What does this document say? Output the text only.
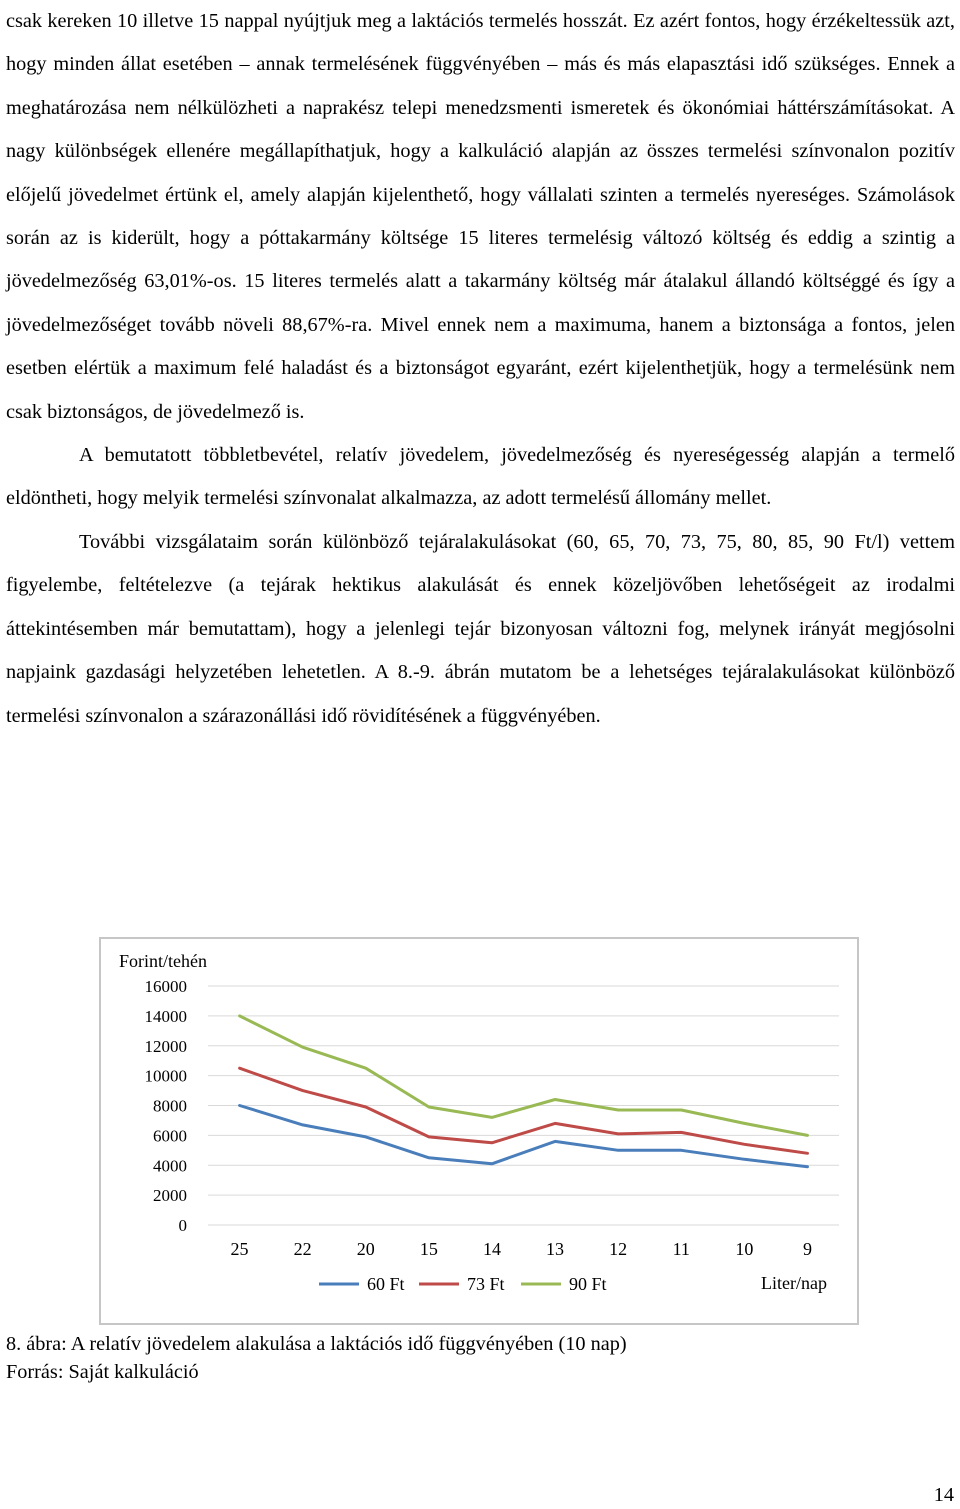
csak kereken 10 illetve 15 nappal nyújtjuk meg a laktációs termelés hosszát. Ez azért fontos, hogy érzékeltessük azt, hogy minden állat esetében – annak termelésének függvényében – más és más elapasztási idő szükséges. Ennek a meghatározása nem nélkülözheti a naprakész telepi menedzsmenti ismeretek és ökonómiai háttérszámításokat. A nagy különbségek ellenére megállapíthatjuk, hogy a kalkuláció alapján az összes termelési színvonalon pozitív előjelű jövedelmet értünk el, amely alapján kijelenthető, hogy vállalati szinten a termelés nyereséges. Számolások során az is kiderült, hogy a póttakarmány költsége 15 literes termelésig változó költség és eddig a szintig a jövedelmezőség 63,01%-os. 15 literes termelés alatt a takarmány költség már átalakul állandó költséggé és így a jövedelmezőséget tovább növeli 88,67%-ra. Mivel ennek nem a maximuma, hanem a biztonsága a fontos, jelen esetben elértük a maximum felé haladást és a biztonságot egyaránt, ezért kijelenthetjük, hogy a termelésünk nem csak biztonságos, de jövedelmező is.

A bemutatott többletbevétel, relatív jövedelem, jövedelmezőség és nyereségesség alapján a termelő eldöntheti, hogy melyik termelési színvonalat alkalmazza, az adott termelésű állomány mellet.

További vizsgálataim során különböző tejáralakulásokat (60, 65, 70, 73, 75, 80, 85, 90 Ft/l) vettem figyelembe, feltételezve (a tejárak hektikus alakulását és ennek közeljövőben lehetőségeit az irodalmi áttekintésemben már bemutattam), hogy a jelenlegi tejár bizonyosan változni fog, melynek irányát megjósolni napjaink gazdasági helyzetében lehetetlen. A 8.-9. ábrán mutatom be a lehetséges tejáralakulásokat különböző termelési színvonalon a szárazonállási idő rövidítésének a függvényében.

0
2000
4000
6000
8000
10000
12000
14000
16000
25	22	20	15	14	13	12	11	10	9
Forint/tehén
Liter/nap
60 Ft	73 Ft	90 Ft
8. ábra: A relatív jövedelem alakulása a laktációs idő függvényében (10 nap)
Forrás: Saját kalkuláció
14
